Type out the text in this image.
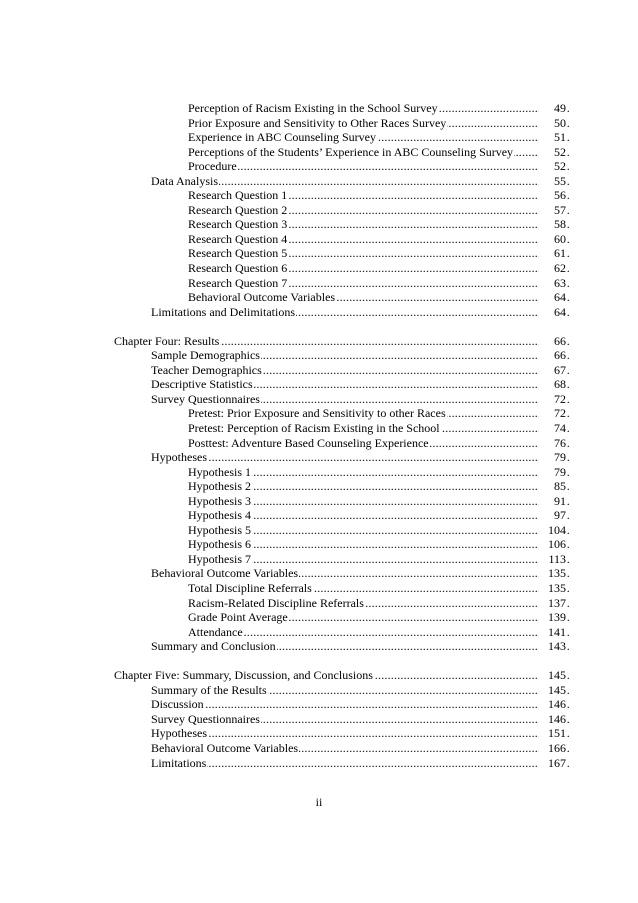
.....
Perception of Racism Existing in the School Survey	49
.....
Prior Exposure and Sensitivity to Other Races Survey	50
.....
Experience in ABC Counseling Survey	51
.....
Perceptions of the Students’ Experience in ABC Counseling Survey	52
.....
Procedure	52
.....
Data Analysis	55
.....
Research Question 1	56
.....
Research Question 2	57
.....
Research Question 3	58
.....
Research Question 4	60
.....
Research Question 5	61
.....
Research Question 6	62
.....
Research Question 7	63
.....
Behavioral Outcome Variables	64
.....
Limitations and Delimitations	64
.....
Chapter Four: Results	66
.....
Sample Demographics	66
.....
Teacher Demographics	67
.....
Descriptive Statistics	68
.....
Survey Questionnaires	72
.....
Pretest: Prior Exposure and Sensitivity to other Races	72
.....
Pretest: Perception of Racism Existing in the School	74
.....
Posttest: Adventure Based Counseling Experience	76
.....
Hypotheses	79
.....
Hypothesis 1	79
.....
Hypothesis 2	85
.....
Hypothesis 3	91
.....
Hypothesis 4	97
.....
Hypothesis 5	104
.....
Hypothesis 6	106
.....
Hypothesis 7	113
.....
Behavioral Outcome Variables	135
.....
Total Discipline Referrals	135
.....
Racism-Related Discipline Referrals	137
.....
Grade Point Average	139
.....
Attendance	141
.....
Summary and Conclusion	143
.....
Chapter Five: Summary, Discussion, and Conclusions	145
.....
Summary of the Results	145
.....
Discussion	146
.....
Survey Questionnaires	146
.....
Hypotheses	151
.....
Behavioral Outcome Variables	166
.....
Limitations	167
ii
